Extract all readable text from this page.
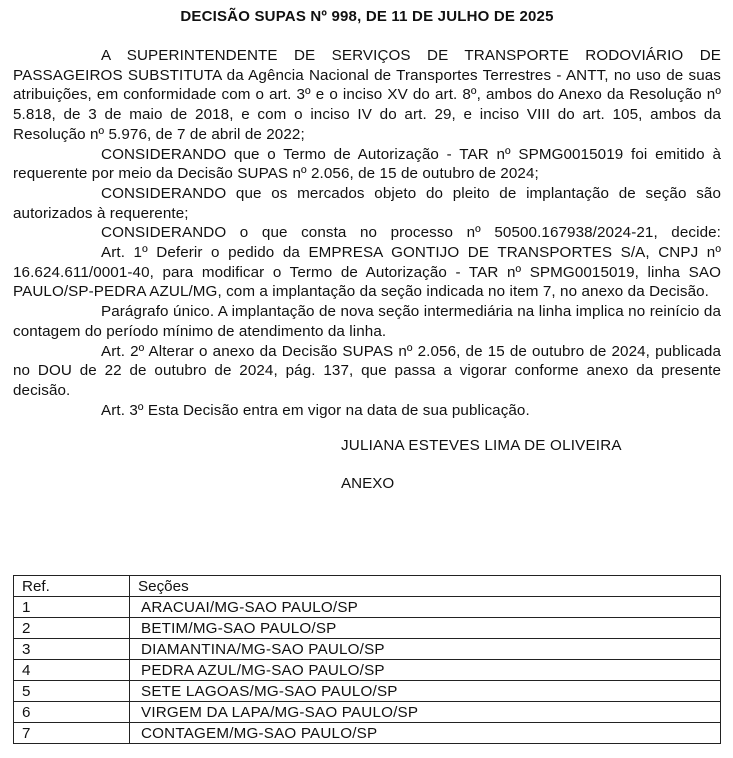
DECISÃO SUPAS Nº 998, DE 11 DE JULHO DE 2025

A SUPERINTENDENTE DE SERVIÇOS DE TRANSPORTE RODOVIÁRIO DE PASSAGEIROS SUBSTITUTA da Agência Nacional de Transportes Terrestres - ANTT, no uso de suas atribuições, em conformidade com o art. 3º e o inciso XV do art. 8º, ambos do Anexo da Resolução nº 5.818, de 3 de maio de 2018, e com o inciso IV do art. 29, e inciso VIII do art. 105, ambos da Resolução nº 5.976, de 7 de abril de 2022;

CONSIDERANDO que o Termo de Autorização - TAR nº SPMG0015019 foi emitido à requerente por meio da Decisão SUPAS nº 2.056, de 15 de outubro de 2024;

CONSIDERANDO que os mercados objeto do pleito de implantação de seção são autorizados à requerente;

CONSIDERANDO o que consta no processo nº 50500.167938/2024-21, decide:

Art. 1º Deferir o pedido da EMPRESA GONTIJO DE TRANSPORTES S/A, CNPJ nº 16.624.611/0001-40, para modificar o Termo de Autorização - TAR nº SPMG0015019, linha SAO PAULO/SP-PEDRA AZUL/MG, com a implantação da seção indicada no item 7, no anexo da Decisão.

Parágrafo único. A implantação de nova seção intermediária na linha implica no reinício da contagem do período mínimo de atendimento da linha.

Art. 2º Alterar o anexo da Decisão SUPAS nº 2.056, de 15 de outubro de 2024, publicada no DOU de 22 de outubro de 2024, pág. 137, que passa a vigorar conforme anexo da presente decisão.

Art. 3º Esta Decisão entra em vigor na data de sua publicação.

JULIANA ESTEVES LIMA DE OLIVEIRA
ANEXO
Ref.	Seções
1	ARACUAI/MG-SAO PAULO/SP
2	BETIM/MG-SAO PAULO/SP
3	DIAMANTINA/MG-SAO PAULO/SP
4	PEDRA AZUL/MG-SAO PAULO/SP
5	SETE LAGOAS/MG-SAO PAULO/SP
6	VIRGEM DA LAPA/MG-SAO PAULO/SP
7	CONTAGEM/MG-SAO PAULO/SP
